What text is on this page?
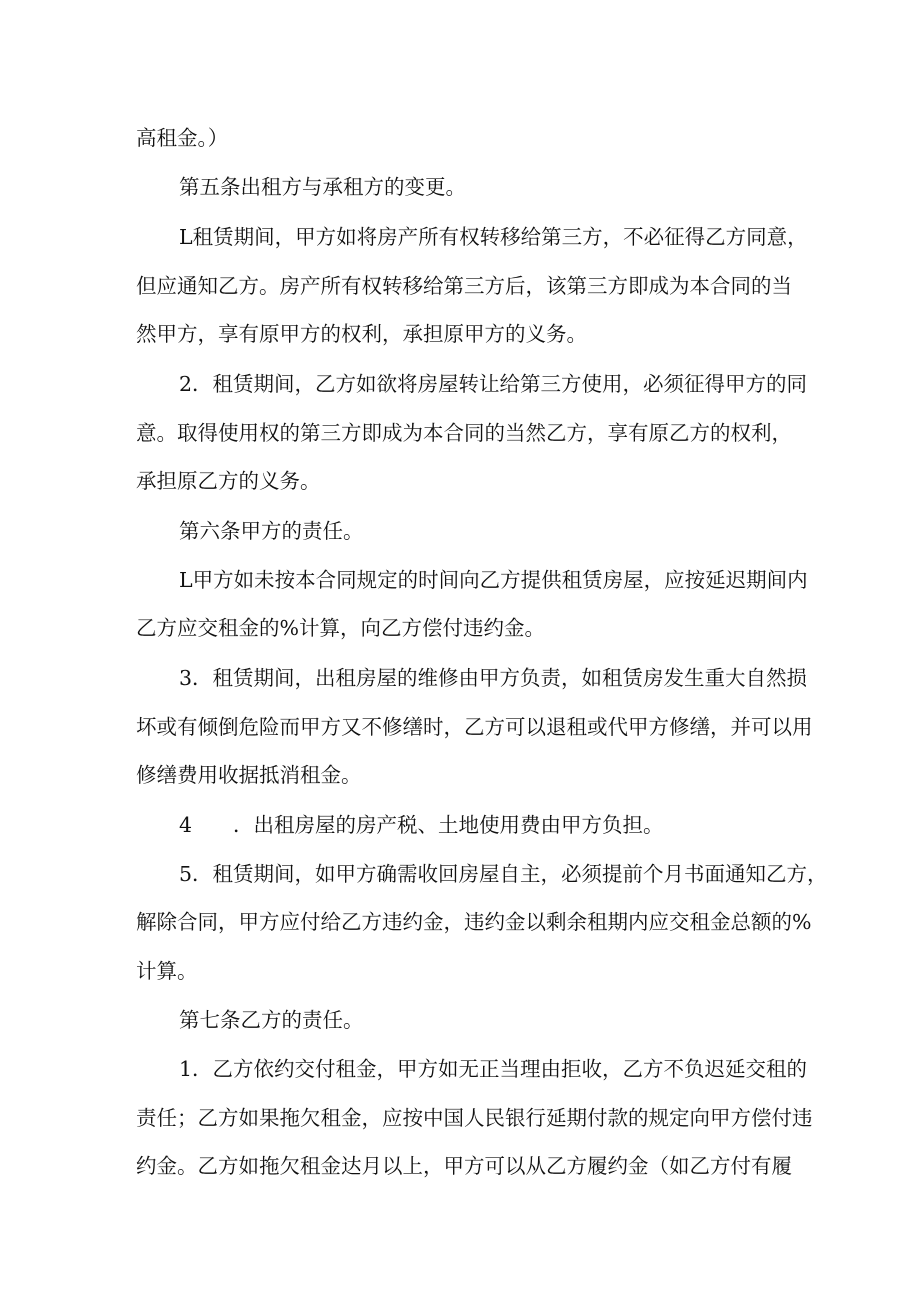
高租金。）
第五条出租方与承租方的变更。
L租赁期间，甲方如将房产所有权转移给第三方，不必征得乙方同意，
但应通知乙方。房产所有权转移给第三方后，该第三方即成为本合同的当
然甲方，享有原甲方的权利，承担原甲方的义务。
2．租赁期间，乙方如欲将房屋转让给第三方使用，必须征得甲方的同
意。取得使用权的第三方即成为本合同的当然乙方，享有原乙方的权利，
承担原乙方的义务。
第六条甲方的责任。
L甲方如未按本合同规定的时间向乙方提供租赁房屋，应按延迟期间内
乙方应交租金的%计算，向乙方偿付违约金。
3．租赁期间，出租房屋的维修由甲方负责，如租赁房发生重大自然损
坏或有倾倒危险而甲方又不修缮时，乙方可以退租或代甲方修缮，并可以用
修缮费用收据抵消租金。
4　　．出租房屋的房产税、土地使用费由甲方负担。
5．租赁期间，如甲方确需收回房屋自主，必须提前个月书面通知乙方，
解除合同，甲方应付给乙方违约金，违约金以剩余租期内应交租金总额的%
计算。
第七条乙方的责任。
1．乙方依约交付租金，甲方如无正当理由拒收，乙方不负迟延交租的
责任；乙方如果拖欠租金，应按中国人民银行延期付款的规定向甲方偿付违
约金。乙方如拖欠租金达月以上，甲方可以从乙方履约金（如乙方付有履
